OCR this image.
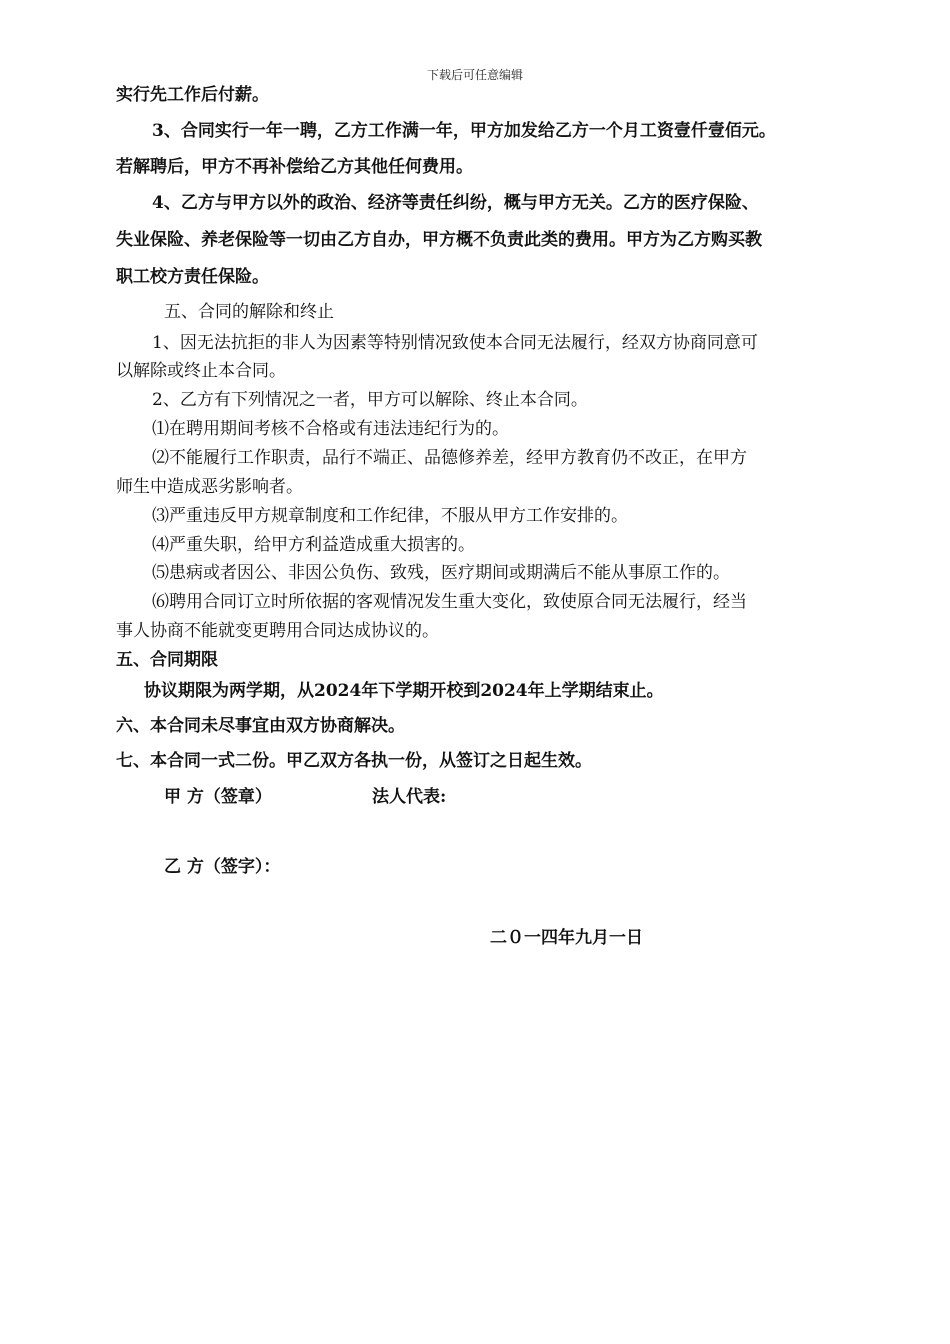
下载后可任意编辑
实行先工作后付薪。
3、合同实行一年一聘，乙方工作满一年，甲方加发给乙方一个月工资壹仟壹佰元。
若解聘后，甲方不再补偿给乙方其他任何费用。
4、乙方与甲方以外的政治、经济等责任纠纷，概与甲方无关。乙方的医疗保险、
失业保险、养老保险等一切由乙方自办，甲方概不负责此类的费用。甲方为乙方购买教
职工校方责任保险。
五、合同的解除和终止
1、因无法抗拒的非人为因素等特别情况致使本合同无法履行，经双方协商同意可
以解除或终止本合同。
2、乙方有下列情况之一者，甲方可以解除、终止本合同。
⑴在聘用期间考核不合格或有违法违纪行为的。
⑵不能履行工作职责，品行不端正、品德修养差，经甲方教育仍不改正，在甲方
师生中造成恶劣影响者。
⑶严重违反甲方规章制度和工作纪律，不服从甲方工作安排的。
⑷严重失职，给甲方利益造成重大损害的。
⑸患病或者因公、非因公负伤、致残，医疗期间或期满后不能从事原工作的。
⑹聘用合同订立时所依据的客观情况发生重大变化，致使原合同无法履行，经当
事人协商不能就变更聘用合同达成协议的。
五、合同期限
协议期限为两学期，从2024年下学期开校到2024年上学期结束止。
六、本合同未尽事宜由双方协商解决。
七、本合同一式二份。甲乙双方各执一份，从签订之日起生效。
甲 方（签章）	法人代表:
乙 方（签字）：
二０一四年九月一日
